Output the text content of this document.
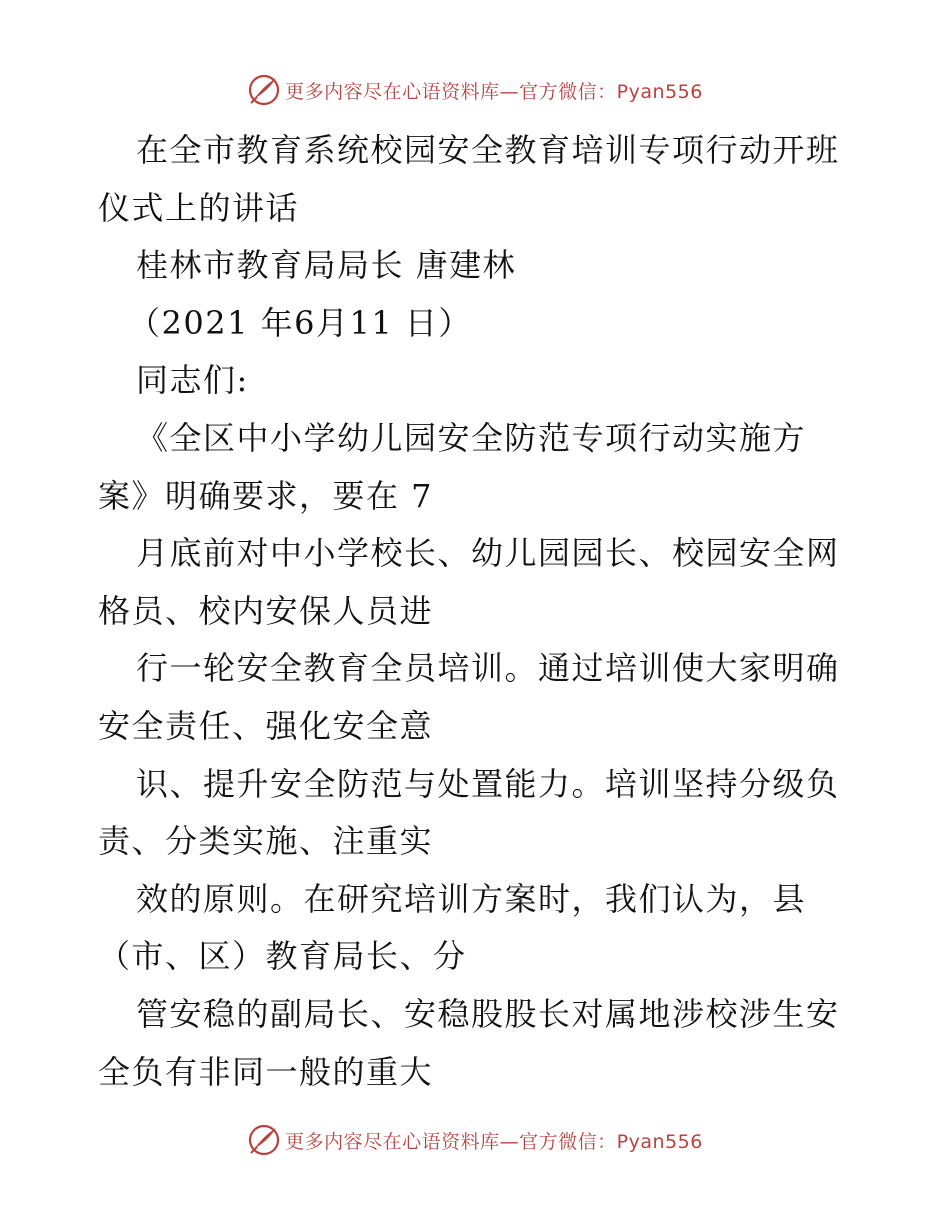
更多内容尽在心语资料库—官方微信：Pyan556
在全市教育系统校园安全教育培训专项行动开班
仪式上的讲话
桂林市教育局局长 唐建林
（2021 年6月11 日）
同志们:
《全区中小学幼儿园安全防范专项行动实施方
案》明确要求，要在 7
月底前对中小学校长、幼儿园园长、校园安全网
格员、校内安保人员进
行一轮安全教育全员培训。通过培训使大家明确
安全责任、强化安全意
识、提升安全防范与处置能力。培训坚持分级负
责、分类实施、注重实
效的原则。在研究培训方案时，我们认为，县
（市、区）教育局长、分
管安稳的副局长、安稳股股长对属地涉校涉生安
全负有非同一般的重大
更多内容尽在心语资料库—官方微信：Pyan556
